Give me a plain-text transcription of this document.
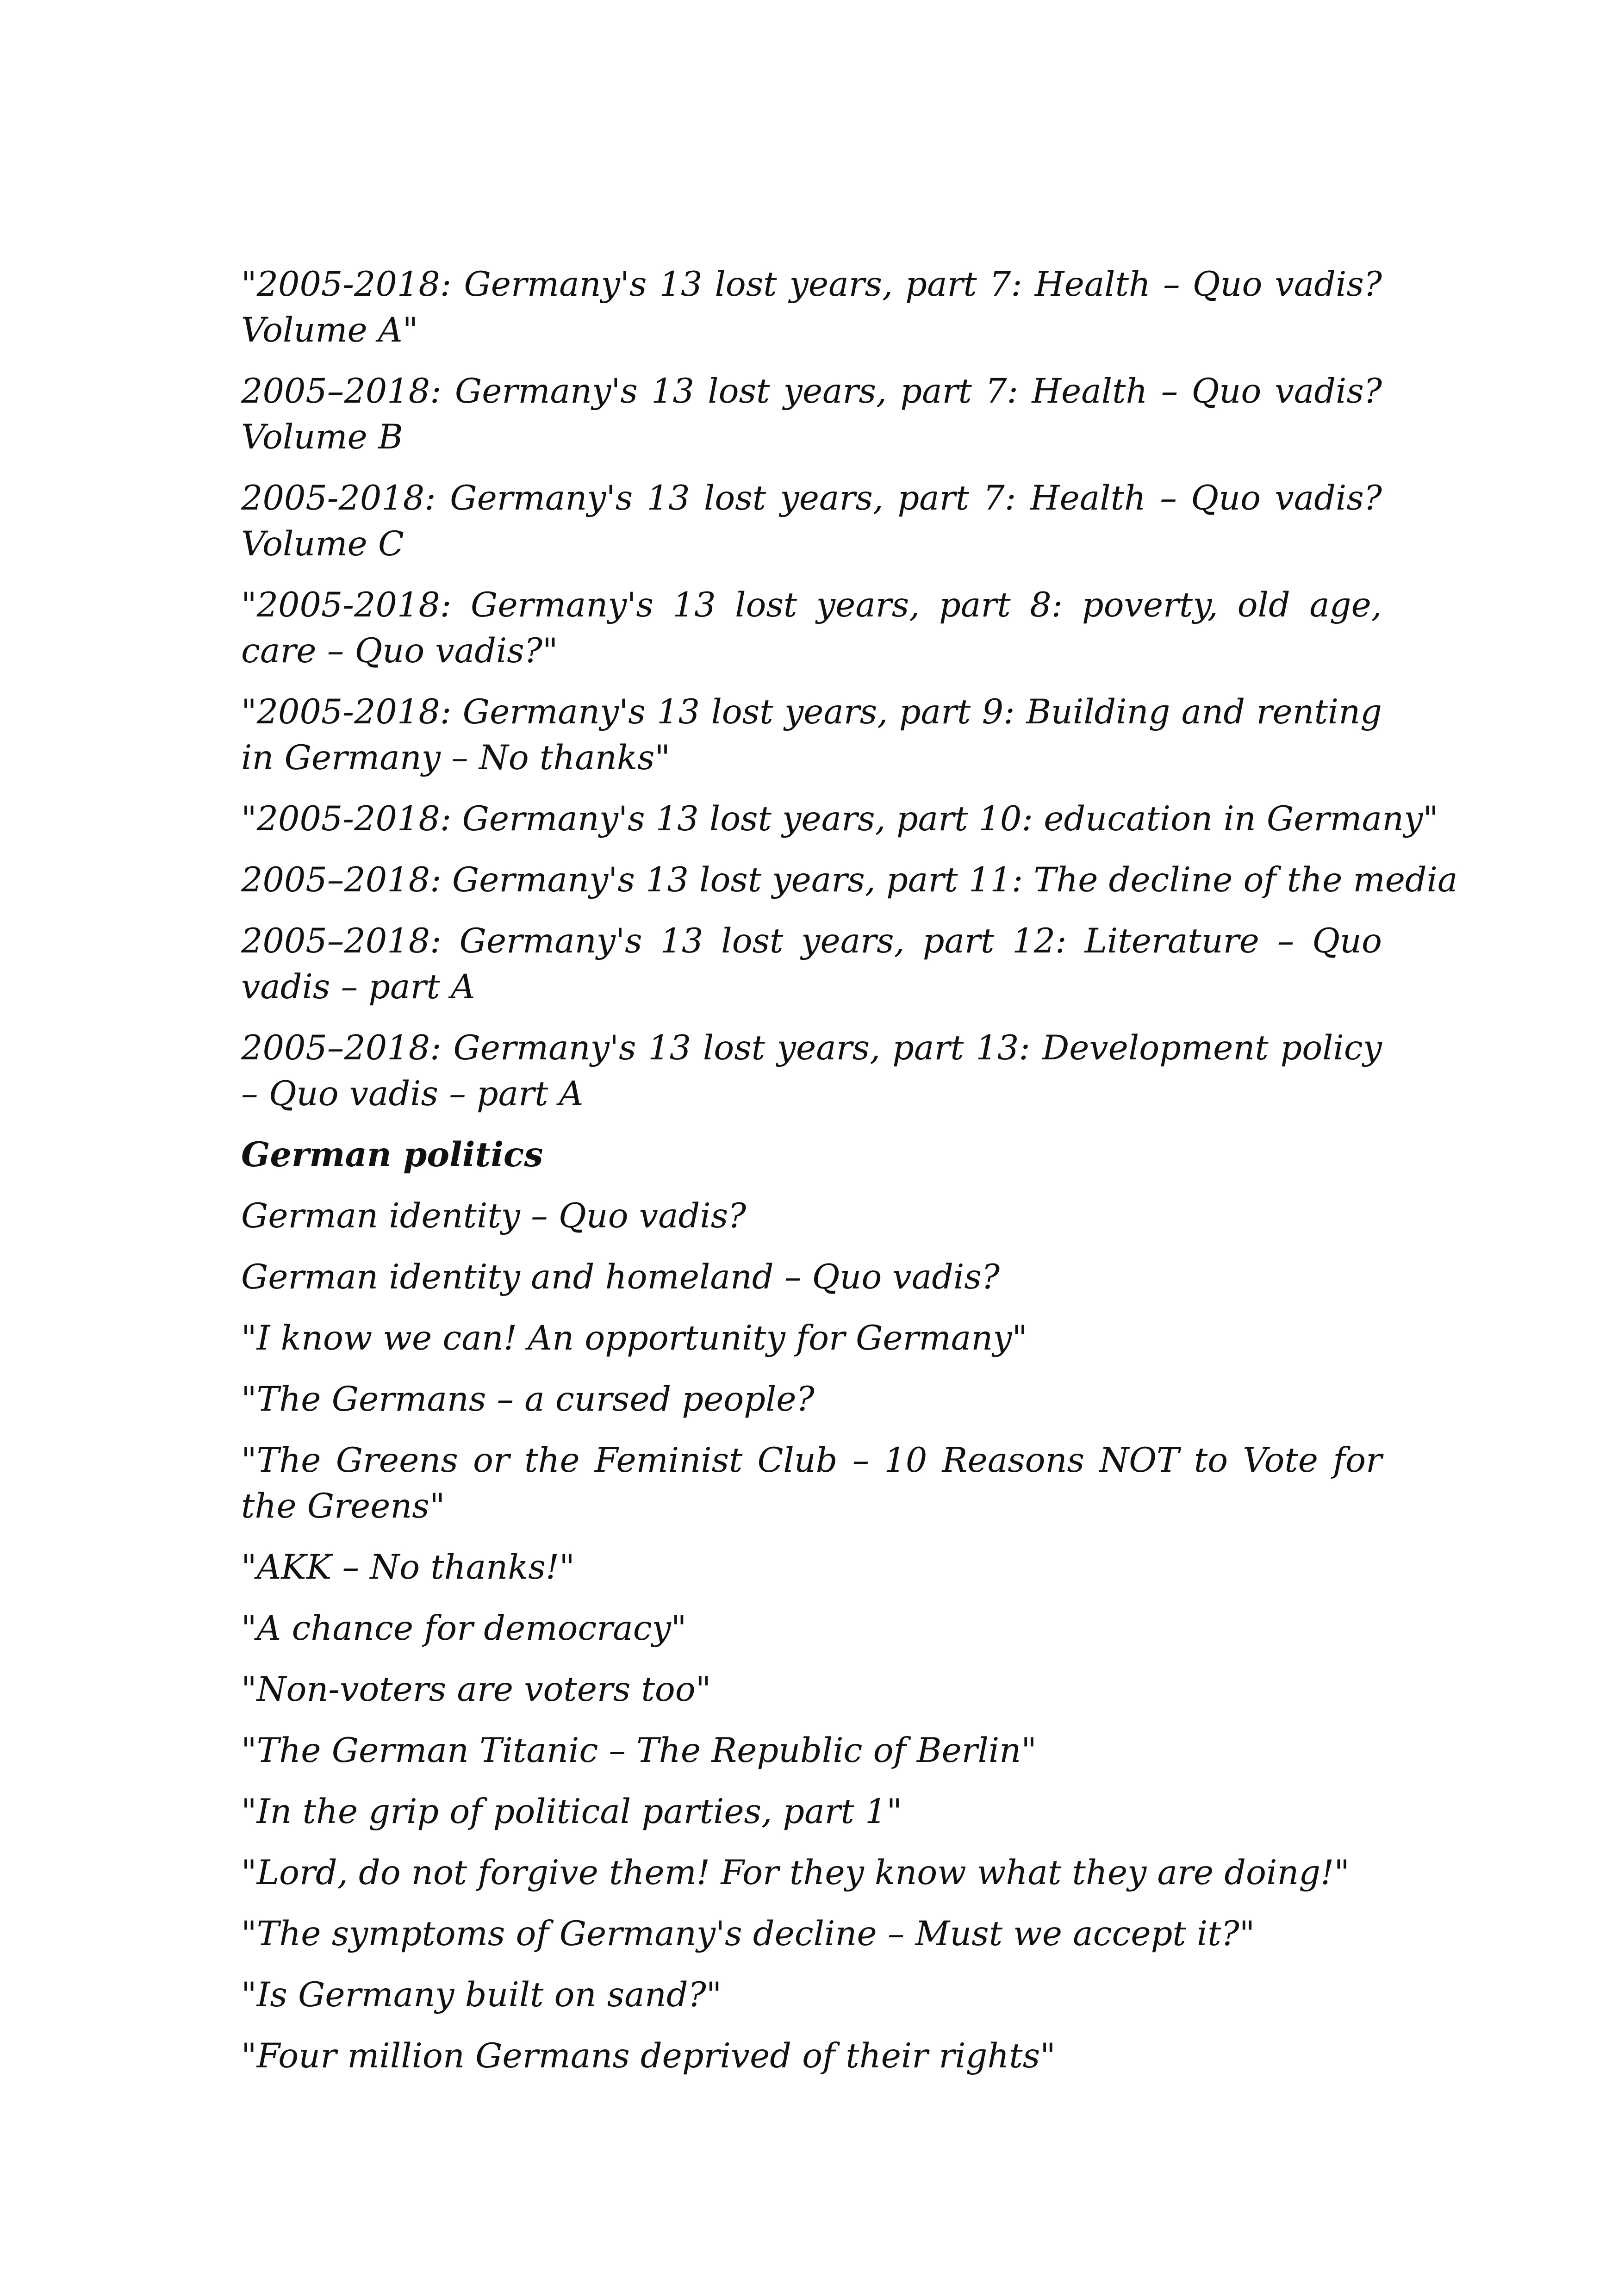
"2005-2018: Germany's 13 lost years, part 7: Health – Quo vadis? Volume A"

2005–2018: Germany's 13 lost years, part 7: Health – Quo vadis? Volume B

2005-2018: Germany's 13 lost years, part 7: Health – Quo vadis? Volume C

"2005-2018: Germany's 13 lost years, part 8: poverty, old age, care – Quo vadis?"

"2005-2018: Germany's 13 lost years, part 9: Building and renting in Germany – No thanks"

"2005-2018: Germany's 13 lost years, part 10: education in Germany"

2005–2018: Germany's 13 lost years, part 11: The decline of the media

2005–2018: Germany's 13 lost years, part 12: Literature – Quo vadis – part A

2005–2018: Germany's 13 lost years, part 13: Development policy – Quo vadis – part A

German politics

German identity – Quo vadis?

German identity and homeland – Quo vadis?

"I know we can! An opportunity for Germany"

"The Germans – a cursed people?

"The Greens or the Feminist Club – 10 Reasons NOT to Vote for the Greens"

"AKK – No thanks!"

"A chance for democracy"

"Non-voters are voters too"

"The German Titanic – The Republic of Berlin"

"In the grip of political parties, part 1"

"Lord, do not forgive them! For they know what they are doing!"

"The symptoms of Germany's decline – Must we accept it?"

"Is Germany built on sand?"

"Four million Germans deprived of their rights"
